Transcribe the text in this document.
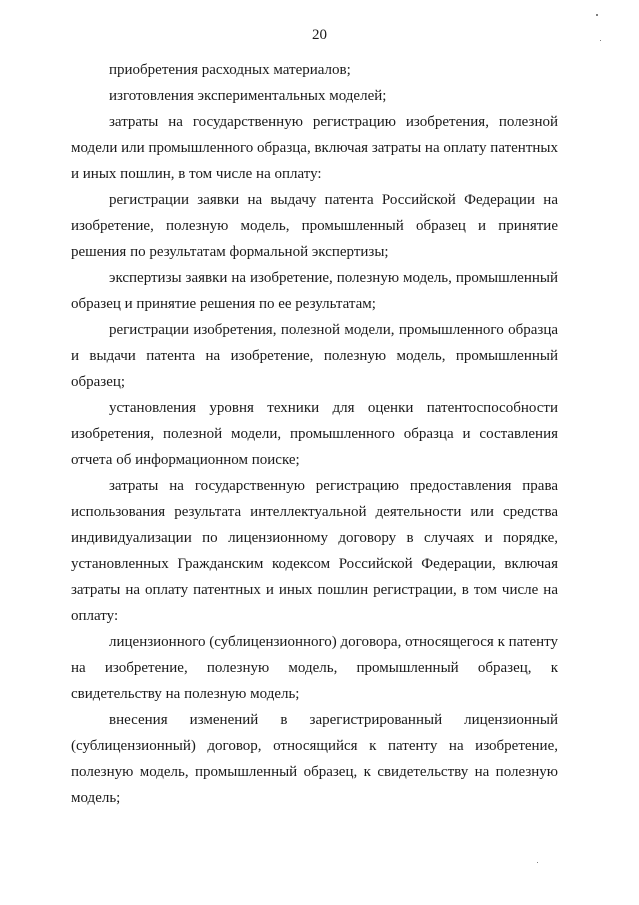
20

приобретения расходных материалов;

изготовления экспериментальных моделей;

затраты на государственную регистрацию изобретения, полезной модели или промышленного образца, включая затраты на оплату патентных и иных пошлин, в том числе на оплату:

регистрации заявки на выдачу патента Российской Федерации на изобретение, полезную модель, промышленный образец и принятие решения по результатам формальной экспертизы;

экспертизы заявки на изобретение, полезную модель, промышленный образец и принятие решения по ее результатам;

регистрации изобретения, полезной модели, промышленного образца и выдачи патента на изобретение, полезную модель, промышленный образец;

установления уровня техники для оценки патентоспособности изобретения, полезной модели, промышленного образца и составления отчета об информационном поиске;

затраты на государственную регистрацию предоставления права использования результата интеллектуальной деятельности или средства индивидуализации по лицензионному договору в случаях и порядке, установленных Гражданским кодексом Российской Федерации, включая затраты на оплату патентных и иных пошлин регистрации, в том числе на оплату:

лицензионного (сублицензионного) договора, относящегося к патенту на изобретение, полезную модель, промышленный образец, к свидетельству на полезную модель;

внесения изменений в зарегистрированный лицензионный (сублицензионный) договор, относящийся к патенту на изобретение, полезную модель, промышленный образец, к свидетельству на полезную модель;
